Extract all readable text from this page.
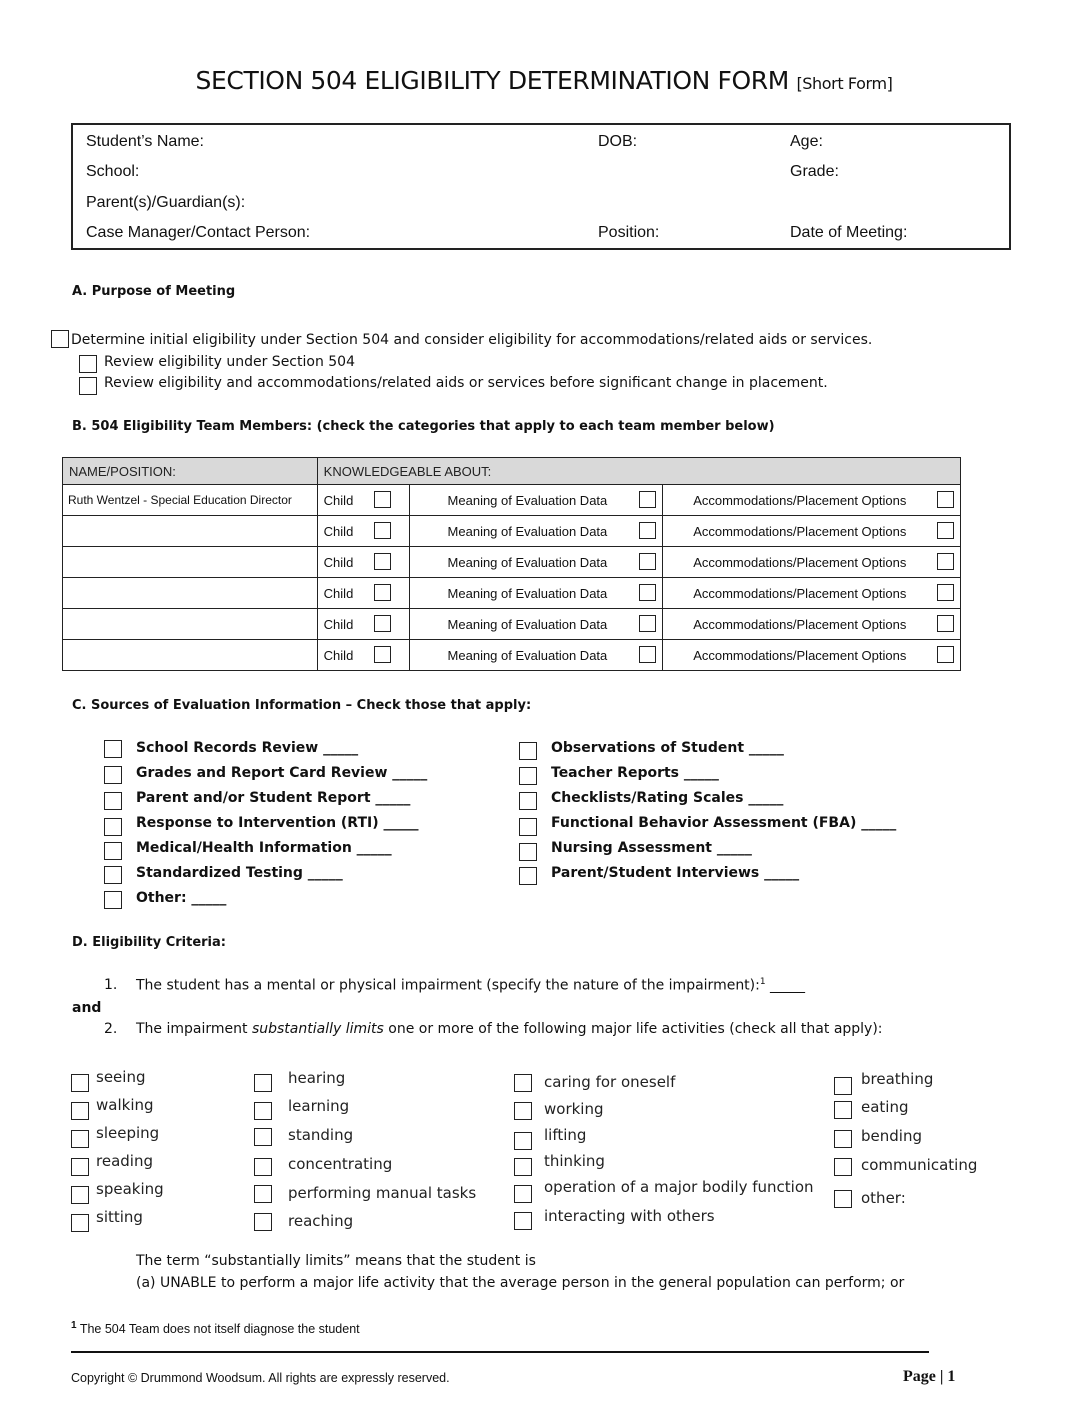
SECTION 504 ELIGIBILITY DETERMINATION FORM [Short Form]
Student’s Name:	DOB:	Age:
School:	Grade:
Parent(s)/Guardian(s):
Case Manager/Contact Person:	Position:	Date of Meeting:
A. Purpose of Meeting
Determine initial eligibility under Section 504 and consider eligibility for accommodations/related aids or services.
Review eligibility under Section 504
Review eligibility and accommodations/related aids or services before significant change in placement.
B. 504 Eligibility Team Members: (check the categories that apply to each team member below)
NAME/POSITION:	KNOWLEDGEABLE ABOUT:		
Ruth Wentzel - Special Education Director	Child	Meaning of Evaluation Data	Accommodations/Placement Options

	Child	Meaning of Evaluation Data	Accommodations/Placement Options

	Child	Meaning of Evaluation Data	Accommodations/Placement Options

	Child	Meaning of Evaluation Data	Accommodations/Placement Options

	Child	Meaning of Evaluation Data	Accommodations/Placement Options

	Child	Meaning of Evaluation Data	Accommodations/Placement Options
C. Sources of Evaluation Information – Check those that apply:
School Records Review _____
Grades and Report Card Review _____
Parent and/or Student Report _____
Response to Intervention (RTI) _____
Medical/Health Information _____
Standardized Testing _____
Other: _____
Observations of Student _____
Teacher Reports _____
Checklists/Rating Scales _____
Functional Behavior Assessment (FBA) _____
Nursing Assessment _____
Parent/Student Interviews _____
D. Eligibility Criteria:
1. The student has a mental or physical impairment (specify the nature of the impairment):$^1$ _____
and
2. The impairment substantially limits one or more of the following major life activities (check all that apply):
seeing
walking
sleeping
reading
speaking
sitting
hearing
learning
standing
concentrating
performing manual tasks
reaching
caring for oneself
working
lifting
thinking
operation of a major bodily function
interacting with others
breathing
eating
bending
communicating
other:
The term “substantially limits” means that the student is
(a) UNABLE to perform a major life activity that the average person in the general population can perform; or
$^1$ The 504 Team does not itself diagnose the student
Copyright © Drummond Woodsum. All rights are expressly reserved.	Page | 1
